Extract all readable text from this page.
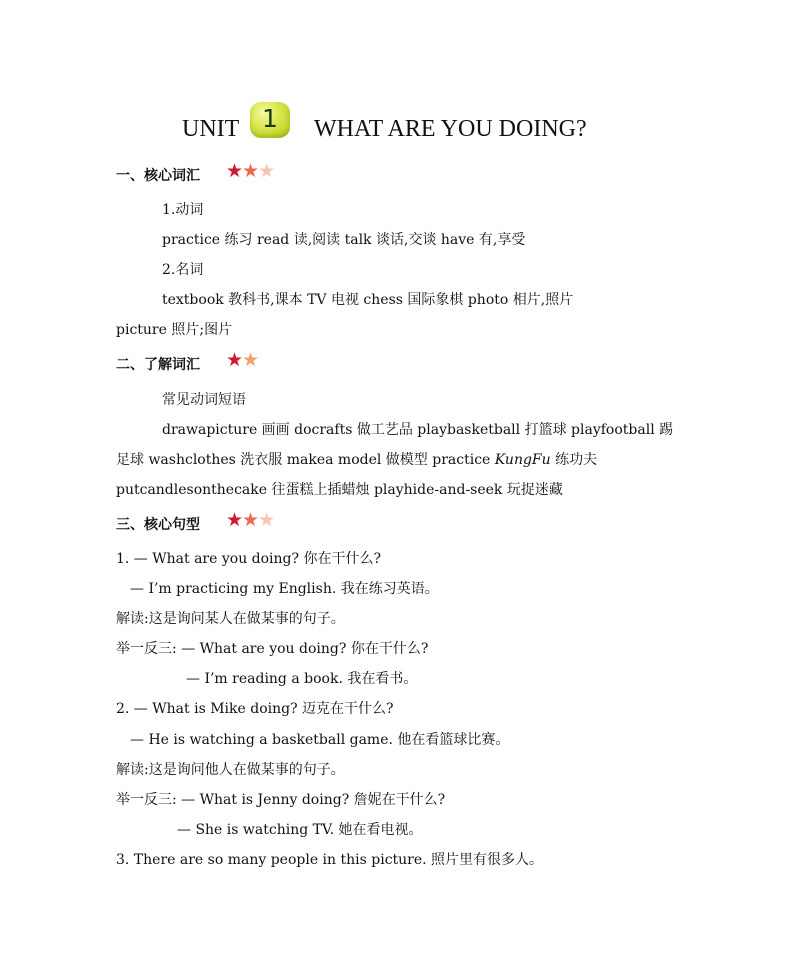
UNIT 1	WHAT ARE YOU DOING?
一、核心词汇 ★★★
1.动词
practice 练习 read 读,阅读 talk 谈话,交谈 have 有,享受
2.名词
textbook 教科书,课本 TV 电视 chess 国际象棋 photo 相片,照片
picture 照片;图片
二、了解词汇 ★★
常见动词短语
drawapicture 画画 docrafts 做工艺品 playbasketball 打篮球 playfootball 踢
足球 washclothes 洗衣服 makea model 做模型 practice KungFu 练功夫
putcandlesonthecake 往蛋糕上插蜡烛 playhide-and-seek 玩捉迷藏
三、核心句型 ★★★
1. — What are you doing? 你在干什么?
— I’m practicing my English. 我在练习英语。
解读:这是询问某人在做某事的句子。
举一反三: — What are you doing? 你在干什么?
— I’m reading a book. 我在看书。
2. — What is Mike doing? 迈克在干什么?
— He is watching a basketball game. 他在看篮球比赛。
解读:这是询问他人在做某事的句子。
举一反三: — What is Jenny doing? 詹妮在干什么?
— She is watching TV. 她在看电视。
3. There are so many people in this picture. 照片里有很多人。
